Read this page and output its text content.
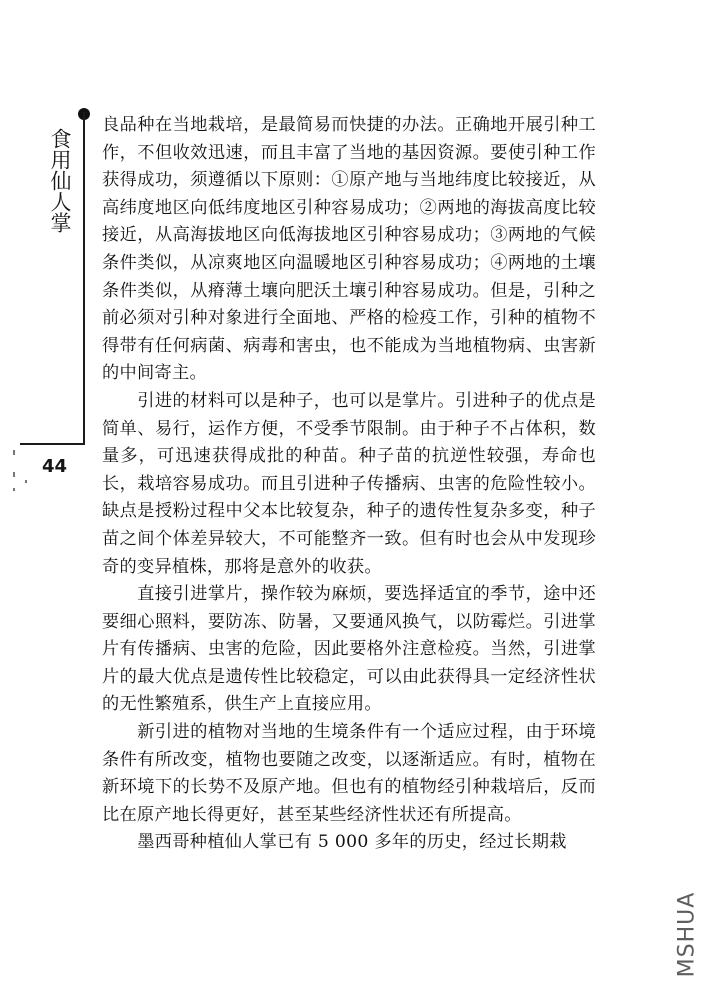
食用仙人掌
44

良品种在当地栽培，是最简易而快捷的办法。正确地开展引种工作，不但收效迅速，而且丰富了当地的基因资源。要使引种工作获得成功，须遵循以下原则：①原产地与当地纬度比较接近，从高纬度地区向低纬度地区引种容易成功；②两地的海拔高度比较接近，从高海拔地区向低海拔地区引种容易成功；③两地的气候条件类似，从凉爽地区向温暖地区引种容易成功；④两地的土壤条件类似，从瘠薄土壤向肥沃土壤引种容易成功。但是，引种之前必须对引种对象进行全面地、严格的检疫工作，引种的植物不得带有任何病菌、病毒和害虫，也不能成为当地植物病、虫害新的中间寄主。

引进的材料可以是种子，也可以是掌片。引进种子的优点是简单、易行，运作方便，不受季节限制。由于种子不占体积，数量多，可迅速获得成批的种苗。种子苗的抗逆性较强，寿命也长，栽培容易成功。而且引进种子传播病、虫害的危险性较小。缺点是授粉过程中父本比较复杂，种子的遗传性复杂多变，种子苗之间个体差异较大，不可能整齐一致。但有时也会从中发现珍奇的变异植株，那将是意外的收获。

直接引进掌片，操作较为麻烦，要选择适宜的季节，途中还要细心照料，要防冻、防暑，又要通风换气，以防霉烂。引进掌片有传播病、虫害的危险，因此要格外注意检疫。当然，引进掌片的最大优点是遗传性比较稳定，可以由此获得具一定经济性状的无性繁殖系，供生产上直接应用。

新引进的植物对当地的生境条件有一个适应过程，由于环境条件有所改变，植物也要随之改变，以逐渐适应。有时，植物在新环境下的长势不及原产地。但也有的植物经引种栽培后，反而比在原产地长得更好，甚至某些经济性状还有所提高。

墨西哥种植仙人掌已有 5 000 多年的历史，经过长期栽

MSHUA
